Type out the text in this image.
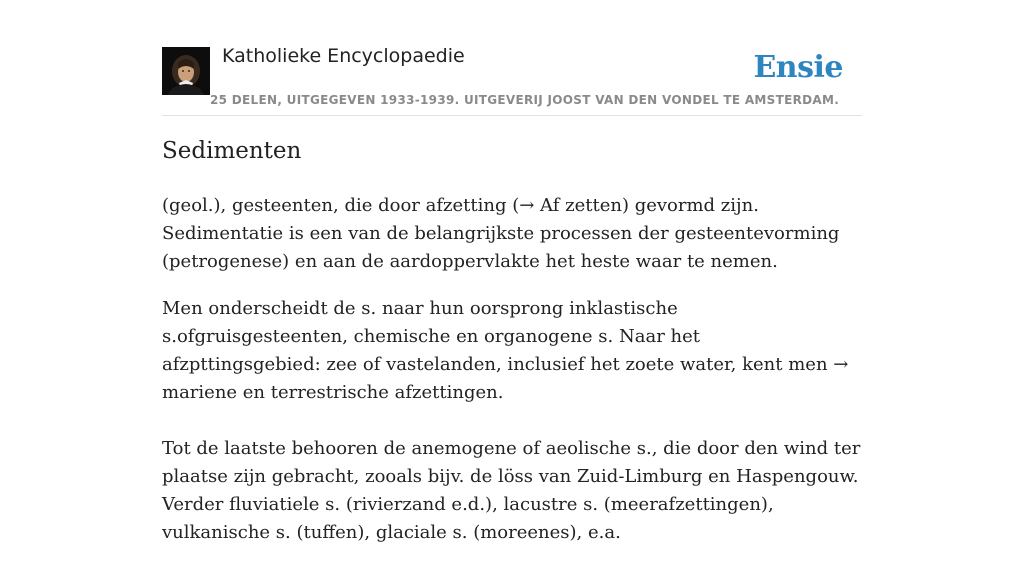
Katholieke Encyclopaedie
25 DELEN, UITGEGEVEN 1933-1939. UITGEVERIJ JOOST VAN DEN VONDEL TE AMSTERDAM.
Ensie
Sedimenten

(geol.), gesteenten, die door afzetting (→ Af zetten) gevormd zijn. Sedimentatie is een van de belangrijkste processen der gesteentevorming (petrogenese) en aan de aardoppervlakte het heste waar te nemen.

Men onderscheidt de s. naar hun oorsprong inklastische s.ofgruisgesteenten, chemische en organogene s. Naar het afzpttingsgebied: zee of vastelanden, inclusief het zoete water, kent men → mariene en terrestrische afzettingen.

Tot de laatste behooren de anemogene of aeolische s., die door den wind ter plaatse zijn gebracht, zooals bijv. de löss van Zuid-Limburg en Haspengouw. Verder fluviatiele s. (rivierzand e.d.), lacustre s. (meerafzettingen), vulkanische s. (tuffen), glaciale s. (moreenes), e.a.
